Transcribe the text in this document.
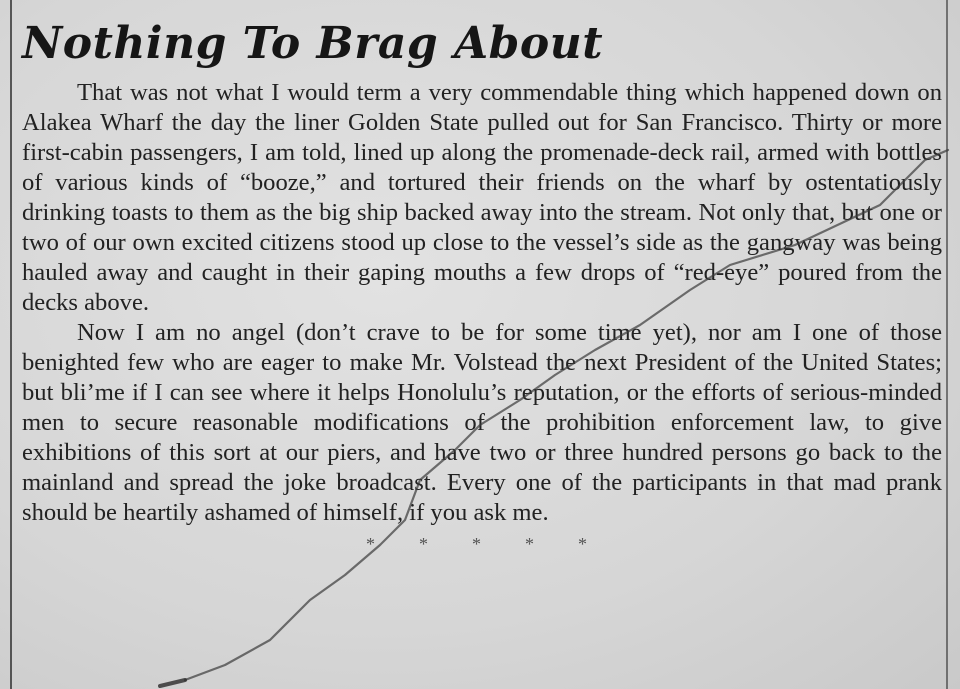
Nothing To Brag About

That was not what I would term a very commendable thing which happened down on Alakea Wharf the day the liner Golden State pulled out for San Francisco. Thirty or more first-cabin passengers, I am told, lined up along the promenade-deck rail, armed with bottles of various kinds of “booze,” and tortured their friends on the wharf by ostentatiously drinking toasts to them as the big ship backed away into the stream. Not only that, but one or two of our own excited citizens stood up close to the vessel’s side as the gangway was being hauled away and caught in their gaping mouths a few drops of “red-eye” poured from the decks above.

Now I am no angel (don’t crave to be for some time yet), nor am I one of those benighted few who are eager to make Mr. Volstead the next President of the United States; but bli’me if I can see where it helps Honolulu’s reputation, or the efforts of serious-minded men to secure reasonable modifications of the prohibition enforcement law, to give exhibitions of this sort at our piers, and have two or three hundred persons go back to the mainland and spread the joke broadcast. Every one of the participants in that mad prank should be heartily ashamed of himself, if you ask me.

* * * * *
